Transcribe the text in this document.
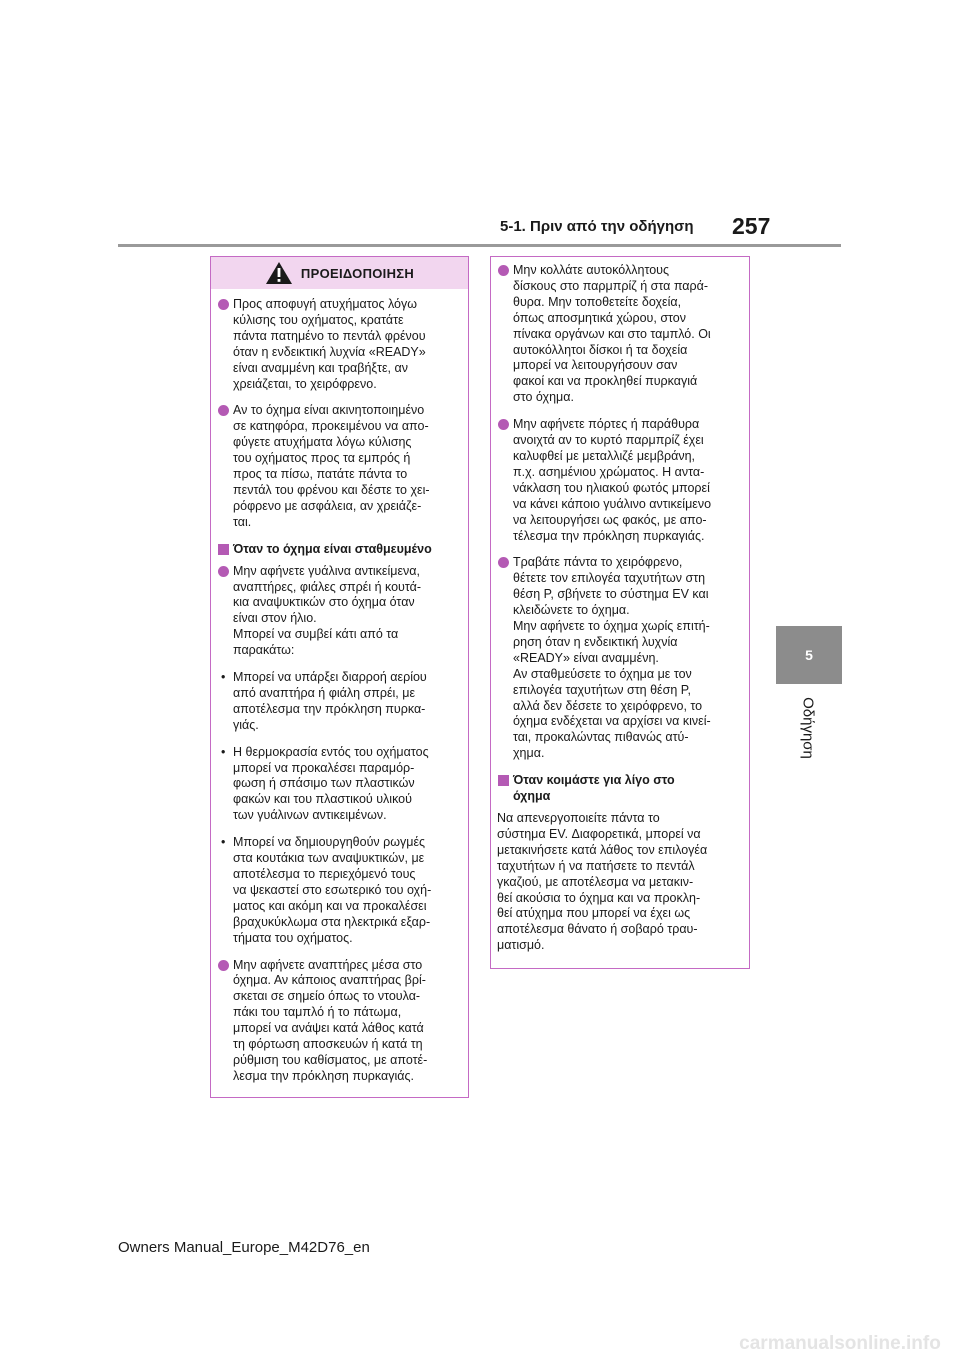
5-1. Πριν από την οδήγηση 257
5
Οδήγηση
ΠΡΟΕΙΔΟΠΟΙΗΣΗ
Προς αποφυγή ατυχήματος λόγω
κύλισης του οχήματος, κρατάτε
πάντα πατημένο το πεντάλ φρένου
όταν η ενδεικτική λυχνία «READY»
είναι αναμμένη και τραβήξτε, αν
χρειάζεται, το χειρόφρενο.
Αν το όχημα είναι ακινητοποιημένο
σε κατηφόρα, προκειμένου να απο-
φύγετε ατυχήματα λόγω κύλισης
του οχήματος προς τα εμπρός ή
προς τα πίσω, πατάτε πάντα το
πεντάλ του φρένου και δέστε το χει-
ρόφρενο με ασφάλεια, αν χρειάζε-
ται.
Όταν το όχημα είναι σταθμευμένο
Μην αφήνετε γυάλινα αντικείμενα,
αναπτήρες, φιάλες σπρέι ή κουτά-
κια αναψυκτικών στο όχημα όταν
είναι στον ήλιο.
Μπορεί να συμβεί κάτι από τα
παρακάτω:
• Μπορεί να υπάρξει διαρροή αερίου
από αναπτήρα ή φιάλη σπρέι, με
αποτέλεσμα την πρόκληση πυρκα-
γιάς.
• Η θερμοκρασία εντός του οχήματος
μπορεί να προκαλέσει παραμόρ-
φωση ή σπάσιμο των πλαστικών
φακών και του πλαστικού υλικού
των γυάλινων αντικειμένων.
• Μπορεί να δημιουργηθούν ρωγμές
στα κουτάκια των αναψυκτικών, με
αποτέλεσμα το περιεχόμενό τους
να ψεκαστεί στο εσωτερικό του οχή-
ματος και ακόμη και να προκαλέσει
βραχυκύκλωμα στα ηλεκτρικά εξαρ-
τήματα του οχήματος.
Μην αφήνετε αναπτήρες μέσα στο
όχημα. Αν κάποιος αναπτήρας βρί-
σκεται σε σημείο όπως το ντουλα-
πάκι του ταμπλό ή το πάτωμα,
μπορεί να ανάψει κατά λάθος κατά
τη φόρτωση αποσκευών ή κατά τη
ρύθμιση του καθίσματος, με αποτέ-
λεσμα την πρόκληση πυρκαγιάς.
Μην κολλάτε αυτοκόλλητους
δίσκους στο παρμπρίζ ή στα παρά-
θυρα. Μην τοποθετείτε δοχεία,
όπως αποσμητικά χώρου, στον
πίνακα οργάνων και στο ταμπλό. Οι
αυτοκόλλητοι δίσκοι ή τα δοχεία
μπορεί να λειτουργήσουν σαν
φακοί και να προκληθεί πυρκαγιά
στο όχημα.
Μην αφήνετε πόρτες ή παράθυρα
ανοιχτά αν το κυρτό παρμπρίζ έχει
καλυφθεί με μεταλλιζέ μεμβράνη,
π.χ. ασημένιου χρώματος. Η αντα-
νάκλαση του ηλιακού φωτός μπορεί
να κάνει κάποιο γυάλινο αντικείμενο
να λειτουργήσει ως φακός, με απο-
τέλεσμα την πρόκληση πυρκαγιάς.
Τραβάτε πάντα το χειρόφρενο,
θέτετε τον επιλογέα ταχυτήτων στη
θέση P, σβήνετε το σύστημα EV και
κλειδώνετε το όχημα.
Μην αφήνετε το όχημα χωρίς επιτή-
ρηση όταν η ενδεικτική λυχνία
«READY» είναι αναμμένη.
Αν σταθμεύσετε το όχημα με τον
επιλογέα ταχυτήτων στη θέση P,
αλλά δεν δέσετε το χειρόφρενο, το
όχημα ενδέχεται να αρχίσει να κινεί-
ται, προκαλώντας πιθανώς ατύ-
χημα.
Όταν κοιμάστε για λίγο στο
όχημα
Να απενεργοποιείτε πάντα το
σύστημα EV. Διαφορετικά, μπορεί να
μετακινήσετε κατά λάθος τον επιλογέα
ταχυτήτων ή να πατήσετε το πεντάλ
γκαζιού, με αποτέλεσμα να μετακιν-
θεί ακούσια το όχημα και να προκλη-
θεί ατύχημα που μπορεί να έχει ως
αποτέλεσμα θάνατο ή σοβαρό τραυ-
ματισμό.
Owners Manual_Europe_M42D76_en
carmanualsonline.info
